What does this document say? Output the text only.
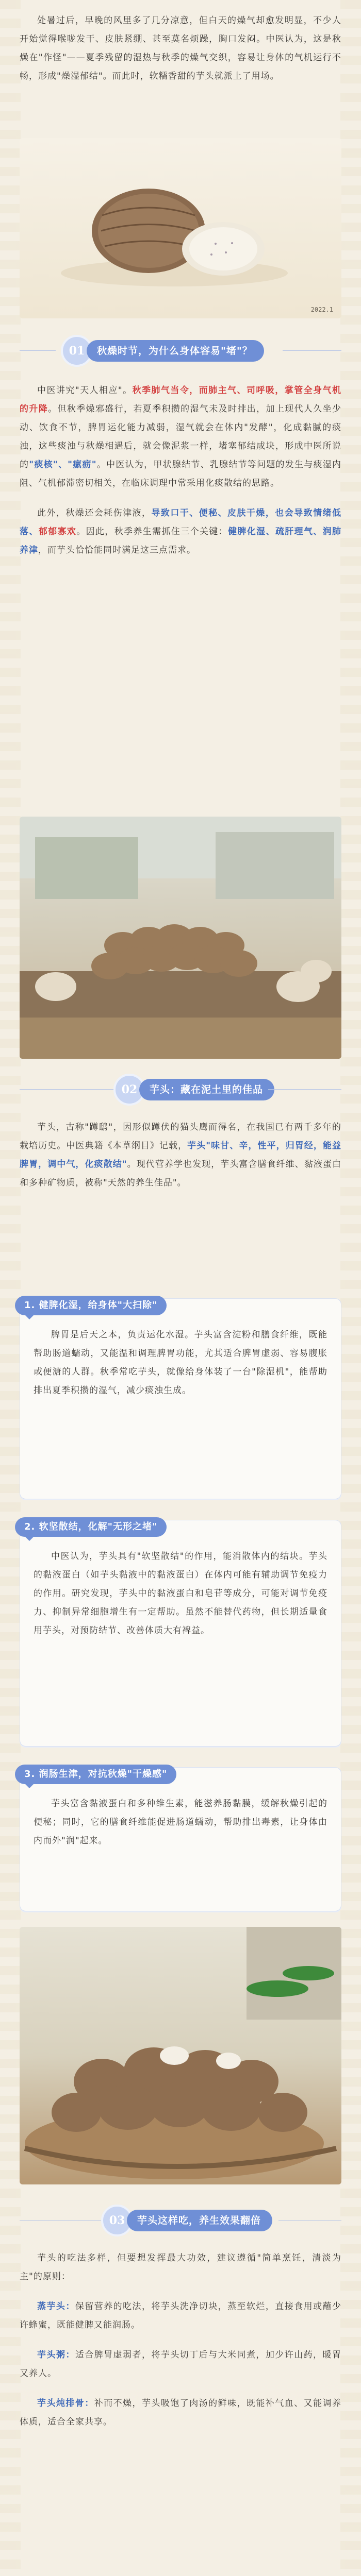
处暑过后，早晚的风里多了几分凉意，但白天的燥气却愈发明显，不少人开始觉得喉咙发干、皮肤紧绷、甚至莫名烦躁，胸口发闷。中医认为，这是秋燥在"作怪"——夏季残留的湿热与秋季的燥气交织，容易让身体的气机运行不畅，形成"燥湿郁结"。而此时，软糯香甜的芋头就派上了用场。

2022.1
01	秋燥时节，为什么身体容易"堵"？

中医讲究"天人相应"。秋季肺气当令，而肺主气、司呼吸，掌管全身气机的升降。但秋季燥邪盛行，若夏季积攒的湿气未及时排出，加上现代人久坐少动、饮食不节，脾胃运化能力减弱，湿气就会在体内"发酵"，化成黏腻的痰浊，这些痰浊与秋燥相遇后，就会像泥浆一样，堵塞郁结成块，形成中医所说的"痰核"、"瘰疬"。中医认为，甲状腺结节、乳腺结节等问题的发生与痰湿内阻、气机郁滞密切相关，在临床调理中常采用化痰散结的思路。

此外，秋燥还会耗伤津液，导致口干、便秘、皮肤干燥，也会导致情绪低落、郁郁寡欢。因此，秋季养生需抓住三个关键：健脾化湿、疏肝理气、润肺养津，而芋头恰恰能同时满足这三点需求。

02	芋头：藏在泥土里的佳品

芋头，古称"蹲鸱"，因形似蹲伏的猫头鹰而得名，在我国已有两千多年的栽培历史。中医典籍《本草纲目》记载，芋头"味甘、辛，性平，归胃经，能益脾胃，调中气，化痰散结"。现代营养学也发现，芋头富含膳食纤维、黏液蛋白和多种矿物质，被称"天然的养生佳品"。

1. 健脾化湿，给身体"大扫除"

脾胃是后天之本，负责运化水湿。芋头富含淀粉和膳食纤维，既能帮助肠道蠕动，又能温和调理脾胃功能，尤其适合脾胃虚弱、容易腹胀或便溏的人群。秋季常吃芋头，就像给身体装了一台"除湿机"，能帮助排出夏季积攒的湿气，减少痰浊生成。

2. 软坚散结，化解"无形之堵"

中医认为，芋头具有"软坚散结"的作用，能消散体内的结块。芋头的黏液蛋白（如芋头黏液中的黏液蛋白）在体内可能有辅助调节免疫力的作用。研究发现，芋头中的黏液蛋白和皂苷等成分，可能对调节免疫力、抑制异常细胞增生有一定帮助。虽然不能替代药物，但长期适量食用芋头，对预防结节、改善体质大有裨益。

3. 润肠生津，对抗秋燥"干燥感"

芋头富含黏液蛋白和多种维生素，能滋养肠黏膜，缓解秋燥引起的便秘；同时，它的膳食纤维能促进肠道蠕动，帮助排出毒素，让身体由内而外"润"起来。

03	芋头这样吃，养生效果翻倍

芋头的吃法多样，但要想发挥最大功效，建议遵循"简单烹饪，清淡为主"的原则：

蒸芋头：保留营养的吃法，将芋头洗净切块，蒸至软烂，直接食用或蘸少许蜂蜜，既能健脾又能润肠。

芋头粥：适合脾胃虚弱者，将芋头切丁后与大米同煮，加少许山药，暖胃又养人。

芋头炖排骨：补而不燥，芋头吸饱了肉汤的鲜味，既能补气血、又能调养体质，适合全家共享。
